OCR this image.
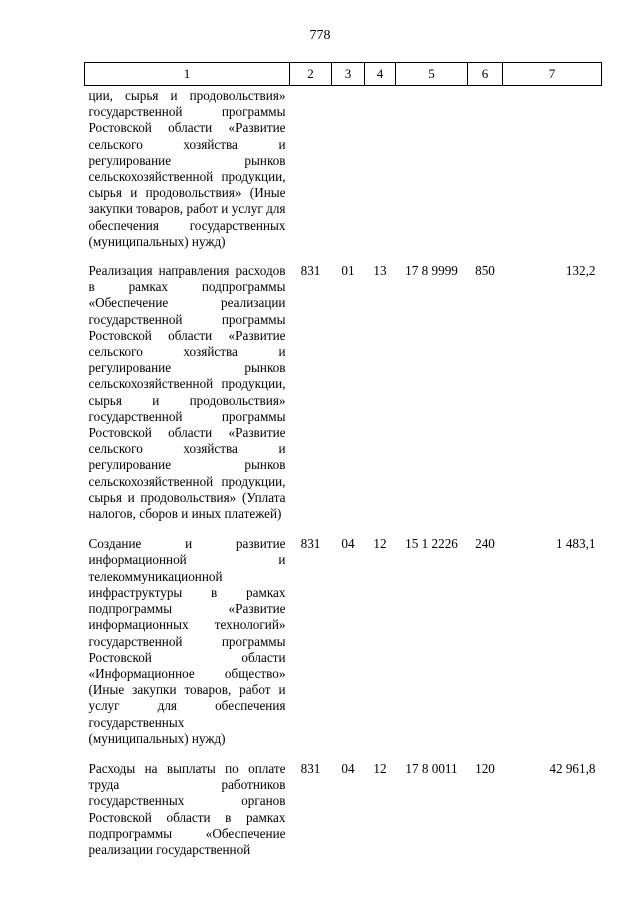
778
1	2	3	4	5	6	7
ции, сырья и продовольствия» государственной программы Ростовской области «Развитие сельского хозяйства и регулирование рынков сельскохозяйственной продукции, сырья и продовольствия» (Иные закупки товаров, работ и услуг для обеспечения государственных (муниципальных) нужд)						
Реализация направления расходов в рамках подпрограммы «Обеспечение реализации государственной программы Ростовской области «Развитие сельского хозяйства и регулирование рынков сельскохозяйственной продукции, сырья и продовольствия» государственной программы Ростовской области «Развитие сельского хозяйства и регулирование рынков сельскохозяйственной продукции, сырья и продовольствия» (Уплата налогов, сборов и иных платежей)	831	01	13	17 8 9999	850	132,2
Создание и развитие информационной и телекоммуникационной инфраструктуры в рамках подпрограммы «Развитие информационных технологий» государственной программы Ростовской области «Информационное общество» (Иные закупки товаров, работ и услуг для обеспечения государственных (муниципальных) нужд)	831	04	12	15 1 2226	240	1 483,1
Расходы на выплаты по оплате труда работников государственных органов Ростовской области в рамках подпрограммы «Обеспечение реализации государственной	831	04	12	17 8 0011	120	42 961,8
